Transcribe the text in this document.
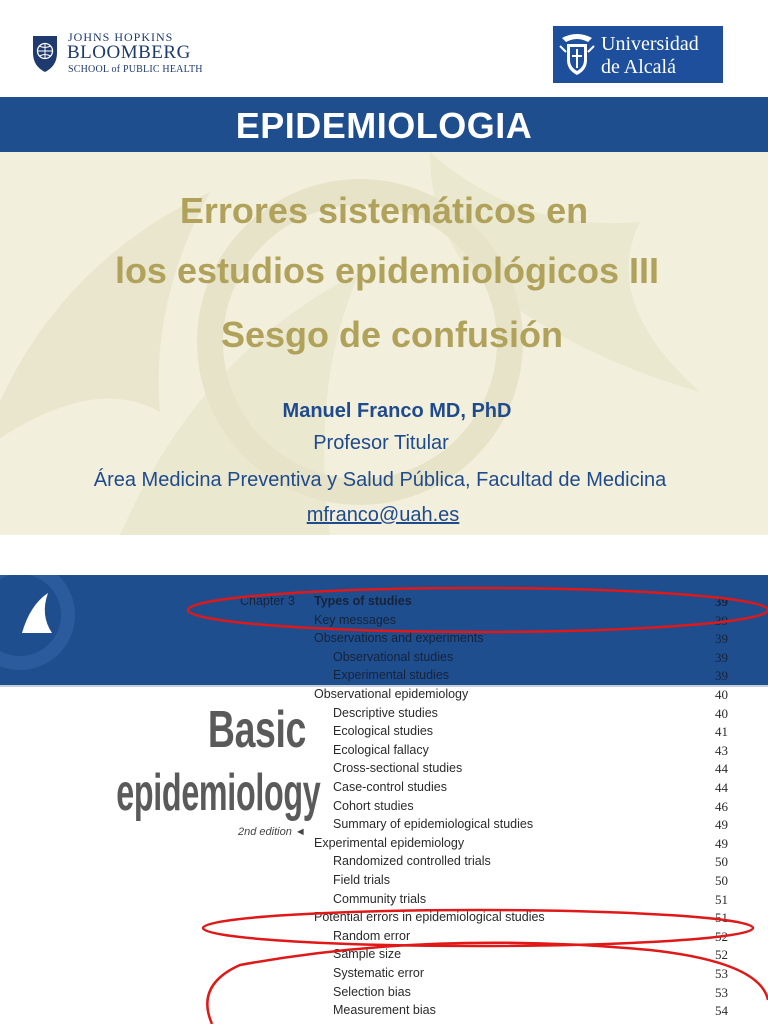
JOHNS HOPKINS
BLOOMBERG
SCHOOL of PUBLIC HEALTH
Universidad
de Alcalá
EPIDEMIOLOGIA
Errores sistemáticos en
los estudios epidemiológicos III
Sesgo de confusión
Manuel Franco MD, PhD
Profesor Titular
Área Medicina Preventiva y Salud Pública, Facultad de Medicina
mfranco@uah.es
Basic
epidemiology
2nd edition ◄
Chapter 3 Types of studies	39
Key messages	39
Observations and experiments	39
Observational studies	39
Experimental studies	39
Observational epidemiology	40
Descriptive studies	40
Ecological studies	41
Ecological fallacy	43
Cross-sectional studies	44
Case-control studies	44
Cohort studies	46
Summary of epidemiological studies	49
Experimental epidemiology	49
Randomized controlled trials	50
Field trials	50
Community trials	51
Potential errors in epidemiological studies	51
Random error	52
Sample size	52
Systematic error	53
Selection bias	53
Measurement bias	54
